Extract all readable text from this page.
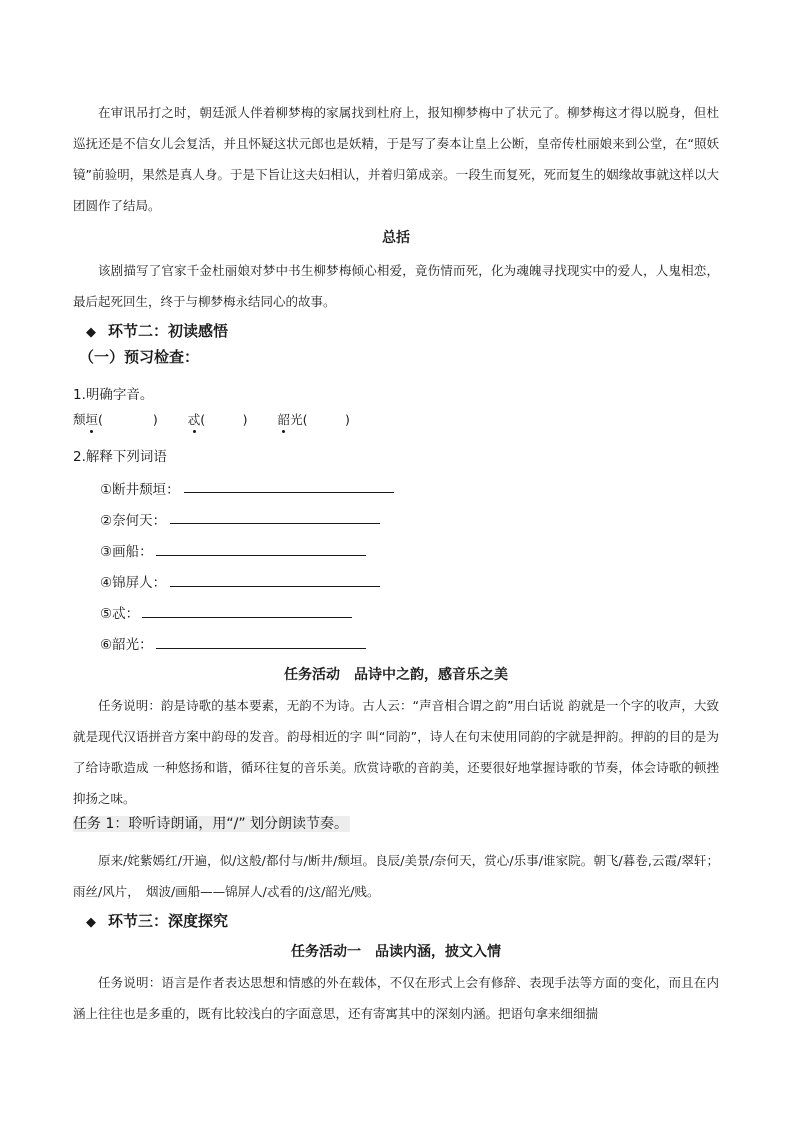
在审讯吊打之时，朝廷派人伴着柳梦梅的家属找到杜府上，报知柳梦梅中了状元了。柳梦梅这才得以脱身，但杜巡抚还是不信女儿会复活，并且怀疑这状元郎也是妖精，于是写了奏本让皇上公断，皇帝传杜丽娘来到公堂，在“照妖镜”前验明，果然是真人身。于是下旨让这夫妇相认，并着归第成亲。一段生而复死，死而复生的姻缘故事就这样以大团圆作了结局。

总括

该剧描写了官家千金杜丽娘对梦中书生柳梦梅倾心相爱，竟伤情而死，化为魂魄寻找现实中的爱人，人鬼相恋，最后起死回生，终于与柳梦梅永结同心的故事。

◆ 环节二：初读感悟

（一）预习检查：

1.明确字音。

颓垣(　　　　) 忒(　　　) 韶光(　　　)

2.解释下列词语

①断井颓垣：
②奈何天：
③画船：
④锦屏人：
⑤忒：
⑥韶光：

任务活动　品诗中之韵，感音乐之美

任务说明：韵是诗歌的基本要素，无韵不为诗。古人云：“声音相合谓之韵”用白话说 韵就是一个字的收声，大致就是现代汉语拼音方案中韵母的发音。韵母相近的字 叫“同韵”，诗人在句末使用同韵的字就是押韵。押韵的目的是为了给诗歌造成 一种悠扬和谐，循环往复的音乐美。欣赏诗歌的音韵美，还要很好地掌握诗歌的节奏，体会诗歌的顿挫抑扬之味。

任务 1：聆听诗朗诵，用“/” 划分朗读节奏。

原来/姹紫嫣红/开遍，似/这般/都付与/断井/颓垣。良辰/美景/奈何天，赏心/乐事/谁家院。朝飞/暮卷,云霞/翠轩；雨丝/风片，　烟波/画船——锦屏人/忒看的/这/韶光/贱。

◆ 环节三：深度探究

任务活动一　品读内涵，披文入情

任务说明：语言是作者表达思想和情感的外在载体，不仅在形式上会有修辞、表现手法等方面的变化，而且在内涵上往往也是多重的，既有比较浅白的字面意思，还有寄寓其中的深刻内涵。把语句拿来细细揣
